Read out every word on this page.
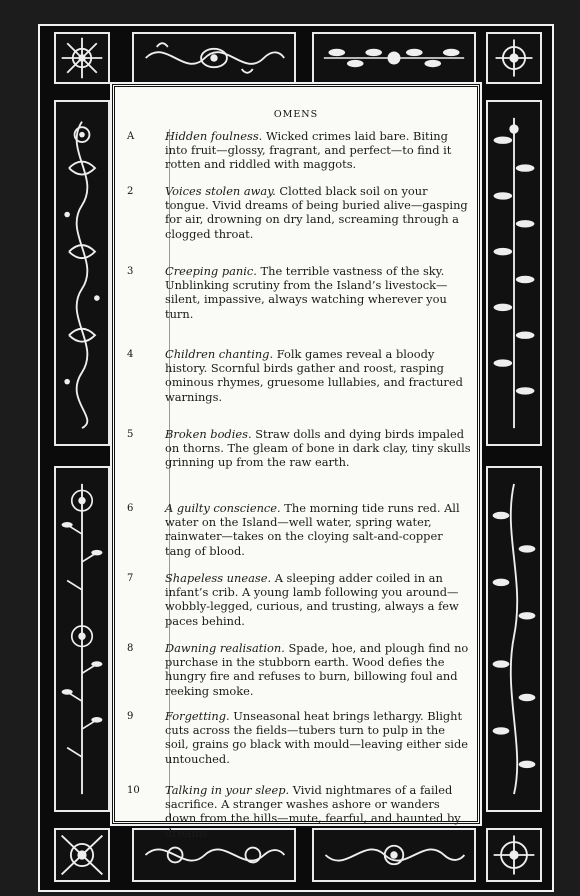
OMENS
A	Hidden foulness. Wicked crimes laid bare. Biting into fruit—glossy, fragrant, and perfect—to find it rotten and riddled with maggots.
2	Voices stolen away. Clotted black soil on your tongue. Vivid dreams of being buried alive—gasping for air, drowning on dry land, screaming through a clogged throat.
3	Creeping panic. The terrible vastness of the sky. Unblinking scrutiny from the Island’s livestock—silent, impassive, always watching wherever you turn.
4	Children chanting. Folk games reveal a bloody history. Scornful birds gather and roost, rasping ominous rhymes, gruesome lullabies, and fractured warnings.
5	Broken bodies. Straw dolls and dying birds impaled on thorns. The gleam of bone in dark clay, tiny skulls grinning up from the raw earth.
6	A guilty conscience. The morning tide runs red. All water on the Island—well water, spring water, rainwater—takes on the cloying salt-and-copper tang of blood.
7	Shapeless unease. A sleeping adder coiled in an infant’s crib. A young lamb following you around—wobbly-legged, curious, and trusting, always a few paces behind.
8	Dawning realisation. Spade, hoe, and plough find no purchase in the stubborn earth. Wood defies the hungry fire and refuses to burn, billowing foul and reeking smoke.
9	Forgetting. Unseasonal heat brings lethargy. Blight cuts across the fields—tubers turn to pulp in the soil, grains go black with mould—leaving either side untouched.
10	Talking in your sleep. Vivid nightmares of a failed sacrifice. A stranger washes ashore or wanders down from the hills—mute, fearful, and haunted by dreams.
